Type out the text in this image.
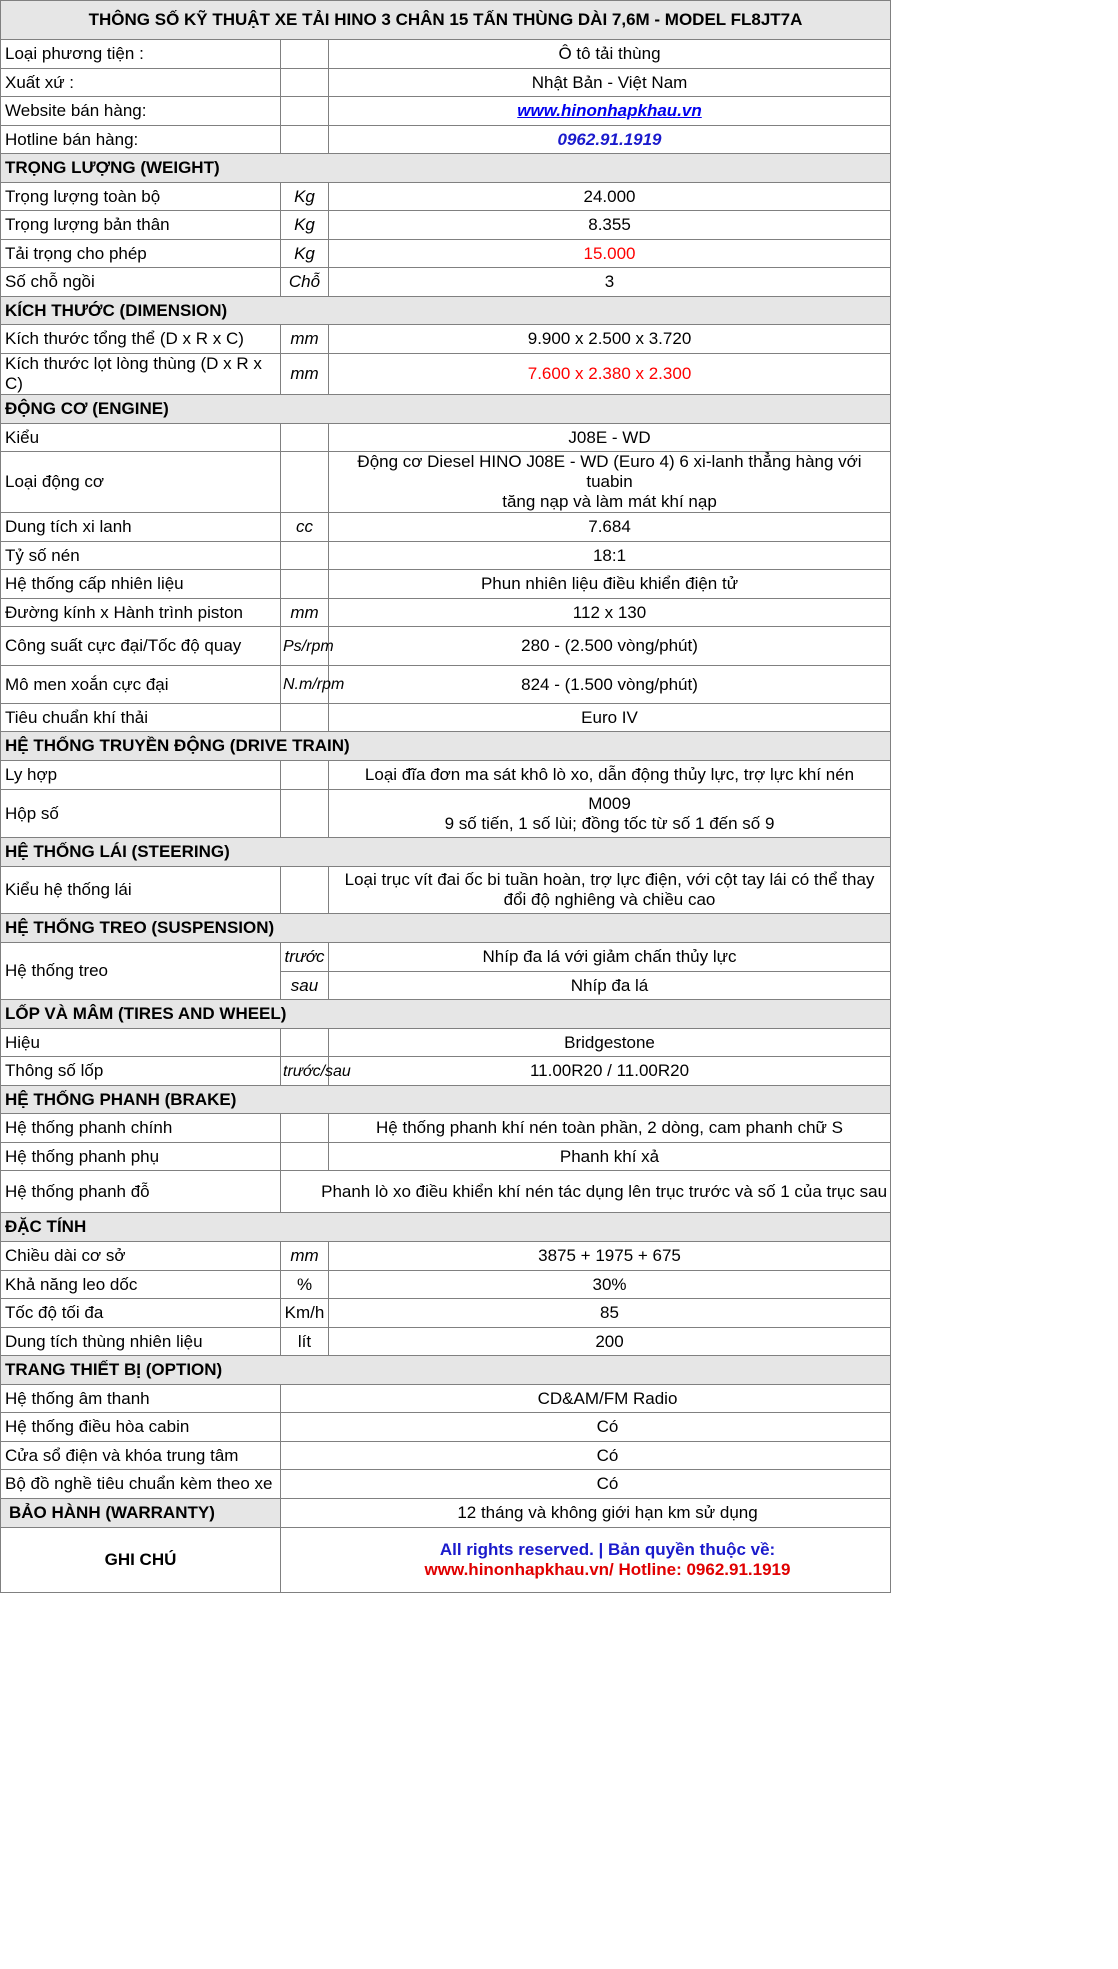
THÔNG SỐ KỸ THUẬT XE TẢI HINO 3 CHÂN 15 TẤN THÙNG DÀI 7,6M - MODEL FL8JT7A		
Loại phương tiện :		Ô tô tải thùng
Xuất xứ :		Nhật Bản - Việt Nam
Website bán hàng:		www.hinonhapkhau.vn
Hotline bán hàng:		0962.91.1919
TRỌNG LƯỢNG (WEIGHT)		
Trọng lượng toàn bộ	Kg	24.000
Trọng lượng bản thân	Kg	8.355
Tải trọng cho phép	Kg	15.000
Số chỗ ngồi	Chỗ	3
KÍCH THƯỚC (DIMENSION)		
Kích thước tổng thể (D x R x C)	mm	9.900 x 2.500 x 3.720
Kích thước lọt lòng thùng (D x R x C)	mm	7.600 x 2.380 x 2.300
ĐỘNG CƠ (ENGINE)		
Kiểu		J08E - WD
Loại động cơ		Động cơ Diesel HINO J08E - WD (Euro 4) 6 xi-lanh thẳng hàng với tuabin
tăng nạp và làm mát khí nạp

Dung tích xi lanh	cc	7.684
Tỷ số nén		18:1
Hệ thống cấp nhiên liệu		Phun nhiên liệu điều khiển điện tử
Đường kính x Hành trình piston	mm	112 x 130
Công suất cực đại/Tốc độ quay	Ps/rpm	280 - (2.500 vòng/phút)
Mô men xoắn cực đại	N.m/rpm	824 - (1.500 vòng/phút)
Tiêu chuẩn khí thải		Euro IV
HỆ THỐNG TRUYỀN ĐỘNG (DRIVE TRAIN)		
Ly hợp		Loại đĩa đơn ma sát khô lò xo, dẫn động thủy lực, trợ lực khí nén
Hộp số		M009
9 số tiến, 1 số lùi; đồng tốc từ số 1 đến số 9

HỆ THỐNG LÁI (STEERING)		
Kiểu hệ thống lái		Loại trục vít đai ốc bi tuần hoàn, trợ lực điện, với cột tay lái có thể thay
đổi độ nghiêng và chiều cao

HỆ THỐNG TREO (SUSPENSION)		
Hệ thống treo	trước	Nhíp đa lá với giảm chấn thủy lực
	sau	Nhíp đa lá
LỐP VÀ MÂM (TIRES AND WHEEL)		
Hiệu		Bridgestone
Thông số lốp	trước/sau	11.00R20 / 11.00R20
HỆ THỐNG PHANH (BRAKE)		
Hệ thống phanh chính		Hệ thống phanh khí nén toàn phần, 2 dòng, cam phanh chữ S
Hệ thống phanh phụ		Phanh khí xả
Hệ thống phanh đỗ	Phanh lò xo điều khiển khí nén tác dụng lên trục trước và số 1 của trục sau	
ĐẶC TÍNH		
Chiều dài cơ sở	mm	3875 + 1975 + 675
Khả năng leo dốc	%	30%
Tốc độ tối đa	Km/h	85
Dung tích thùng nhiên liệu	lít	200
TRANG THIẾT BỊ (OPTION)		
Hệ thống âm thanh	CD&AM/FM Radio	
Hệ thống điều hòa cabin	Có	
Cửa sổ điện và khóa trung tâm	Có	
Bộ đồ nghề tiêu chuẩn kèm theo xe	Có	
BẢO HÀNH (WARRANTY)	12 tháng và không giới hạn km sử dụng	
GHI CHÚ	All rights reserved. | Bản quyền thuộc về:
www.hinonhapkhau.vn/ Hotline: 0962.91.1919	
